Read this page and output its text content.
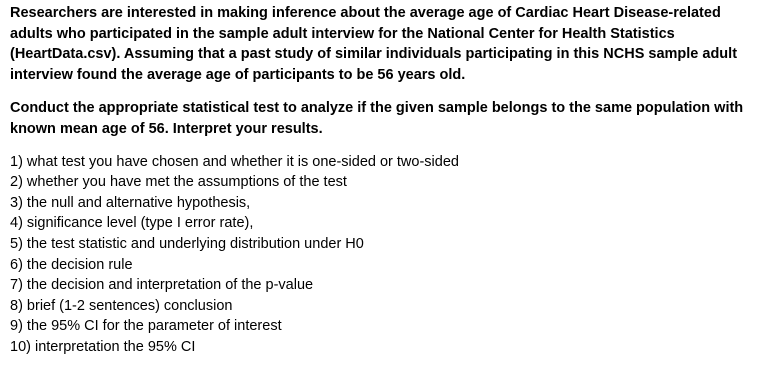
Researchers are interested in making inference about the average age of Cardiac Heart Disease-related adults who participated in the sample adult interview for the National Center for Health Statistics (HeartData.csv). Assuming that a past study of similar individuals participating in this NCHS sample adult interview found the average age of participants to be 56 years old.

Conduct the appropriate statistical test to analyze if the given sample belongs to the same population with known mean age of 56. Interpret your results.

1) what test you have chosen and whether it is one-sided or two-sided
2) whether you have met the assumptions of the test
3) the null and alternative hypothesis,
4) significance level (type I error rate),
5) the test statistic and underlying distribution under H0
6) the decision rule
7) the decision and interpretation of the p-value
8) brief (1-2 sentences) conclusion
9) the 95% CI for the parameter of interest
10) interpretation the 95% CI
